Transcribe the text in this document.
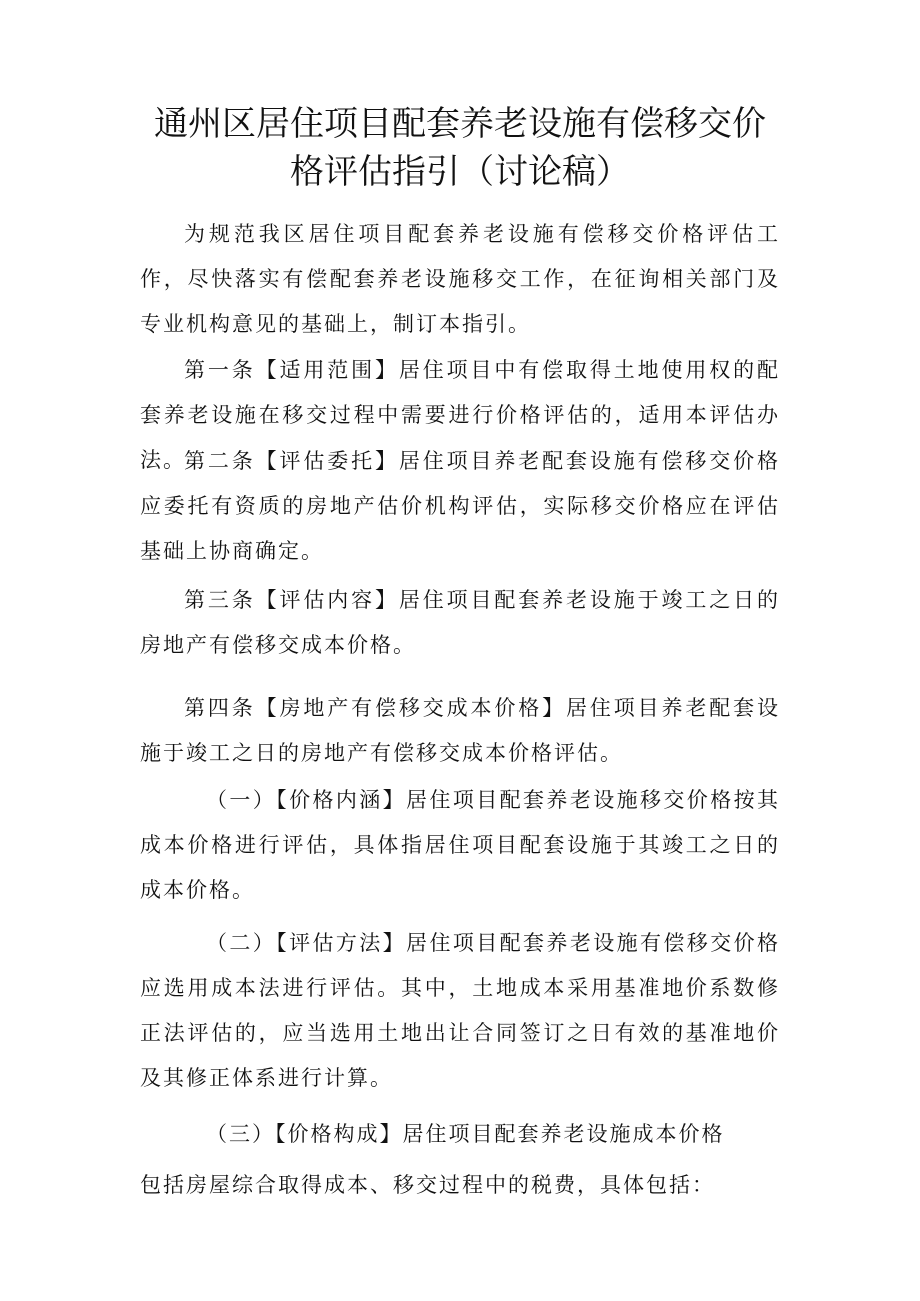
通州区居住项目配套养老设施有偿移交价
格评估指引（讨论稿）

为规范我区居住项目配套养老设施有偿移交价格评估工作，尽快落实有偿配套养老设施移交工作，在征询相关部门及专业机构意见的基础上，制订本指引。

第一条【适用范围】居住项目中有偿取得土地使用权的配套养老设施在移交过程中需要进行价格评估的，适用本评估办法。

第二条【评估委托】居住项目养老配套设施有偿移交价格应委托有资质的房地产估价机构评估，实际移交价格应在评估基础上协商确定。

第三条【评估内容】居住项目配套养老设施于竣工之日的房地产有偿移交成本价格。

第四条【房地产有偿移交成本价格】居住项目养老配套设施于竣工之日的房地产有偿移交成本价格评估。

（一）【价格内涵】居住项目配套养老设施移交价格按其成本价格进行评估，具体指居住项目配套设施于其竣工之日的成本价格。

（二）【评估方法】居住项目配套养老设施有偿移交价格应选用成本法进行评估。其中，土地成本采用基准地价系数修正法评估的，应当选用土地出让合同签订之日有效的基准地价及其修正体系进行计算。

（三）【价格构成】居住项目配套养老设施成本价格

包括房屋综合取得成本、移交过程中的税费，具体包括：
